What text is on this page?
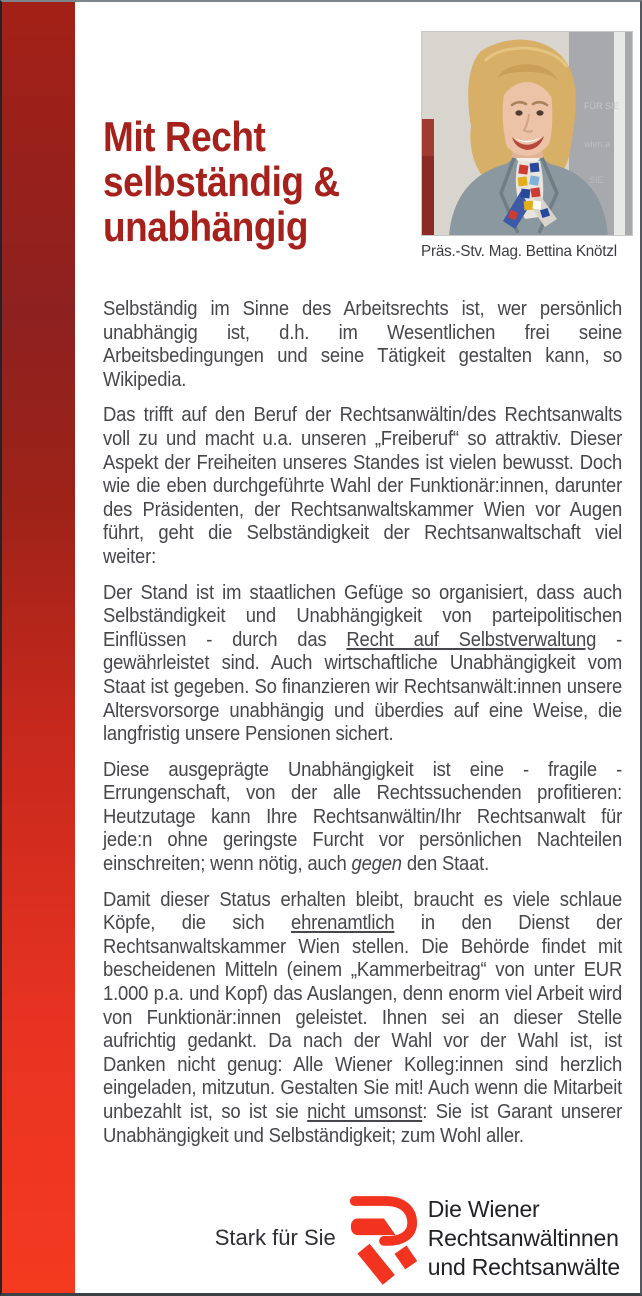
Mit Recht
selbständig &
unabhängig
FÜR SIE
wien.a
SIE
Präs.-Stv. Mag. Bettina Knötzl

Selbständig im Sinne des Arbeitsrechts ist, wer persönlich unabhängig ist, d.h. im Wesentlichen frei seine Arbeitsbedingungen und seine Tätigkeit gestalten kann, so Wikipedia.

Das trifft auf den Beruf der Rechtsanwältin/des Rechtsanwalts voll zu und macht u.a. unseren „Freiberuf“ so attraktiv. Dieser Aspekt der Freiheiten unseres Standes ist vielen bewusst. Doch wie die eben durchgeführte Wahl der Funktionär:innen, darunter des Präsidenten, der Rechtsanwaltskammer Wien vor Augen führt, geht die Selbständigkeit der Rechtsanwaltschaft viel weiter:

Der Stand ist im staatlichen Gefüge so organisiert, dass auch Selbständigkeit und Unabhängigkeit von parteipolitischen Einflüssen - durch das Recht auf Selbstverwaltung - gewährleistet sind. Auch wirtschaftliche Unabhängigkeit vom Staat ist gegeben. So finanzieren wir Rechtsanwält:innen unsere Altersvorsorge unabhängig und überdies auf eine Weise, die langfristig unsere Pensionen sichert.

Diese ausgeprägte Unabhängigkeit ist eine - fragile - Errungenschaft, von der alle Rechtssuchenden profitieren: Heutzutage kann Ihre Rechtsanwältin/Ihr Rechtsanwalt für jede:n ohne geringste Furcht vor persönlichen Nachteilen einschreiten; wenn nötig, auch gegen den Staat.

Damit dieser Status erhalten bleibt, braucht es viele schlaue Köpfe, die sich ehrenamtlich in den Dienst der Rechtsanwaltskammer Wien stellen. Die Behörde findet mit bescheidenen Mitteln (einem „Kammerbeitrag“ von unter EUR 1.000 p.a. und Kopf) das Auslangen, denn enorm viel Arbeit wird von Funktionär:innen geleistet. Ihnen sei an dieser Stelle aufrichtig gedankt. Da nach der Wahl vor der Wahl ist, ist Danken nicht genug: Alle Wiener Kolleg:innen sind herzlich eingeladen, mitzutun. Gestalten Sie mit! Auch wenn die Mitarbeit unbezahlt ist, so ist sie nicht umsonst: Sie ist Garant unserer Unabhängigkeit und Selbständigkeit; zum Wohl aller.

Stark für Sie
Die Wiener
Rechtsanwältinnen
und Rechtsanwälte
